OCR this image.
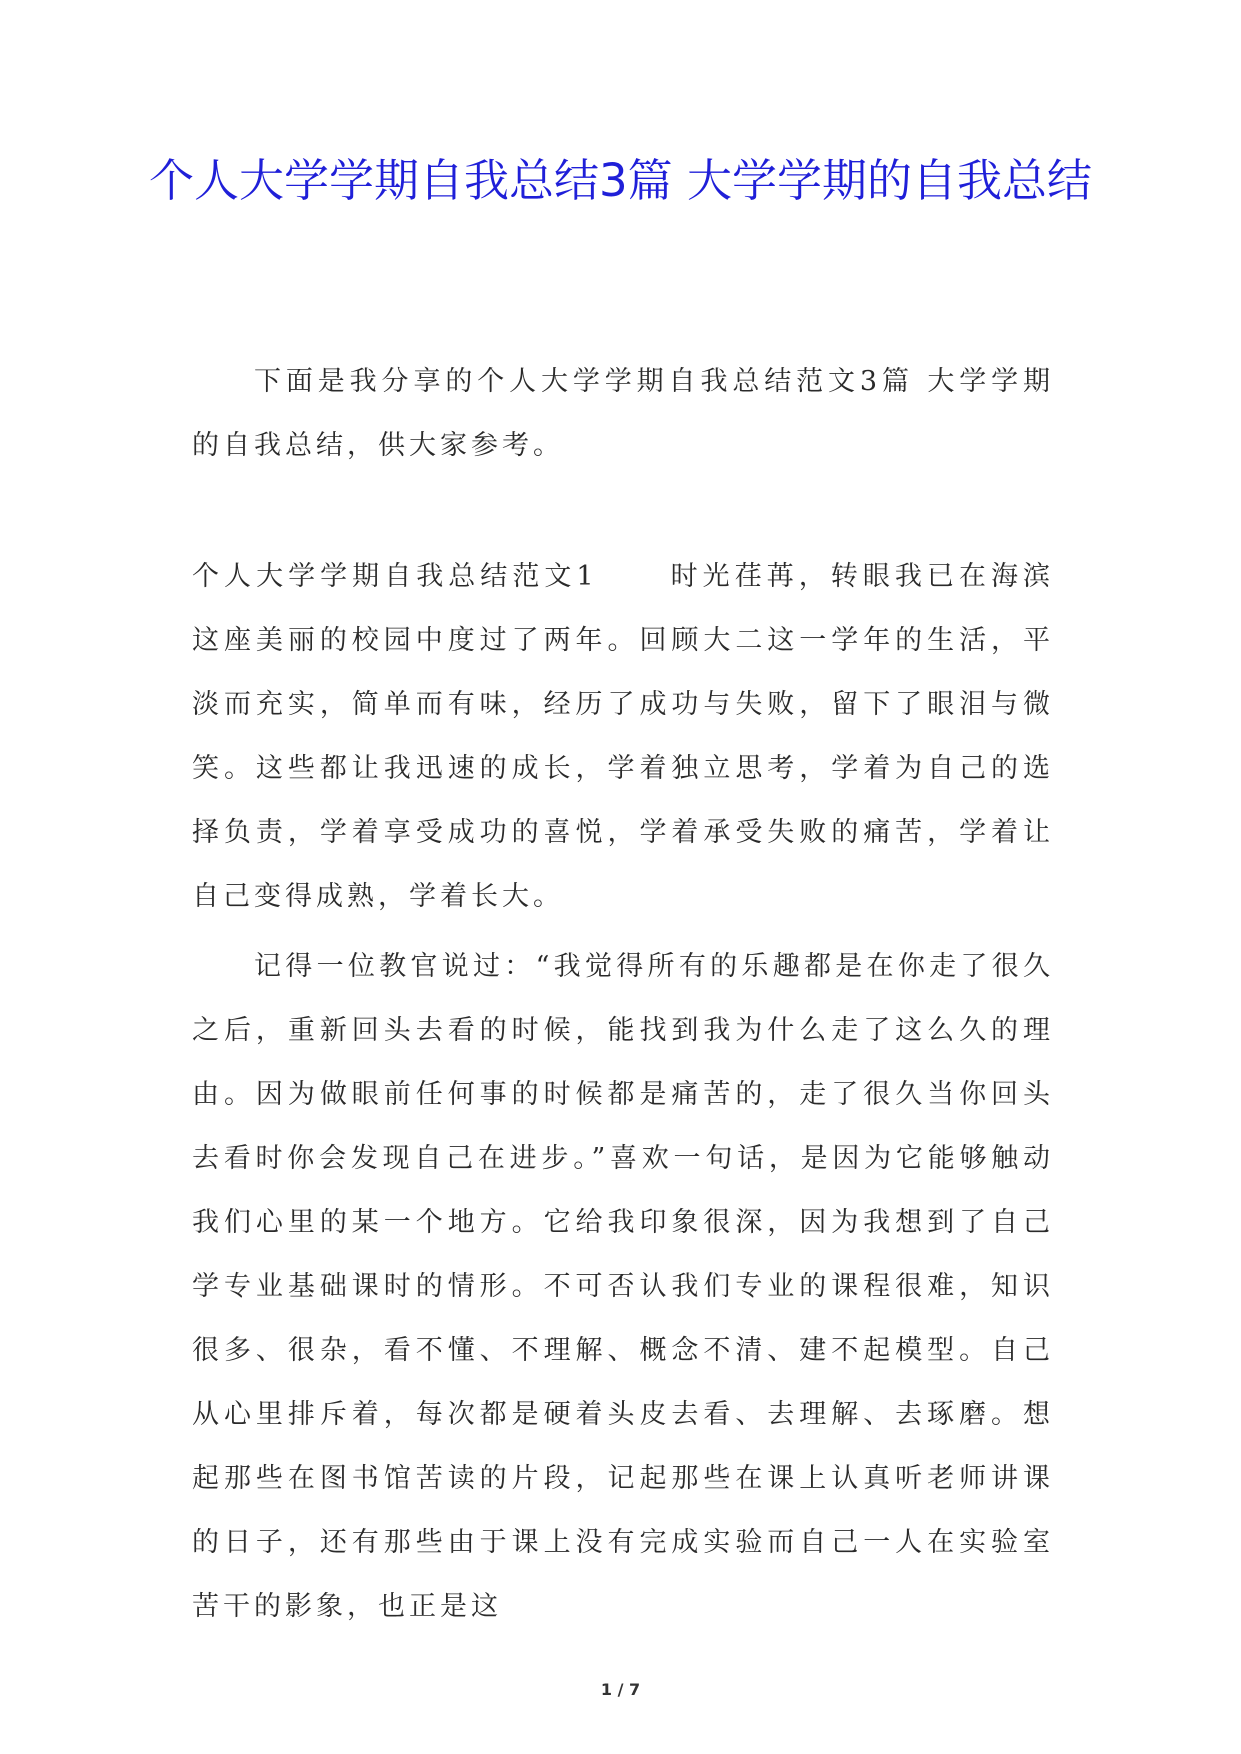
个人大学学期自我总结3篇 大学学期的自我总结

下面是我分享的个人大学学期自我总结范文3篇 大学学期的自我总结，供大家参考。

个人大学学期自我总结范文1	时光荏苒，转眼我已在海滨这座美丽的校园中度过了两年。回顾大二这一学年的生活，平淡而充实，简单而有味，经历了成功与失败，留下了眼泪与微笑。这些都让我迅速的成长，学着独立思考，学着为自己的选择负责，学着享受成功的喜悦，学着承受失败的痛苦，学着让自己变得成熟，学着长大。

记得一位教官说过：“我觉得所有的乐趣都是在你走了很久之后，重新回头去看的时候，能找到我为什么走了这么久的理由。因为做眼前任何事的时候都是痛苦的，走了很久当你回头去看时你会发现自己在进步。”喜欢一句话，是因为它能够触动我们心里的某一个地方。它给我印象很深，因为我想到了自己学专业基础课时的情形。不可否认我们专业的课程很难，知识很多、很杂，看不懂、不理解、概念不清、建不起模型。自己从心里排斥着，每次都是硬着头皮去看、去理解、去琢磨。想起那些在图书馆苦读的片段，记起那些在课上认真听老师讲课的日子，还有那些由于课上没有完成实验而自己一人在实验室苦干的影象，也正是这

1 / 7
